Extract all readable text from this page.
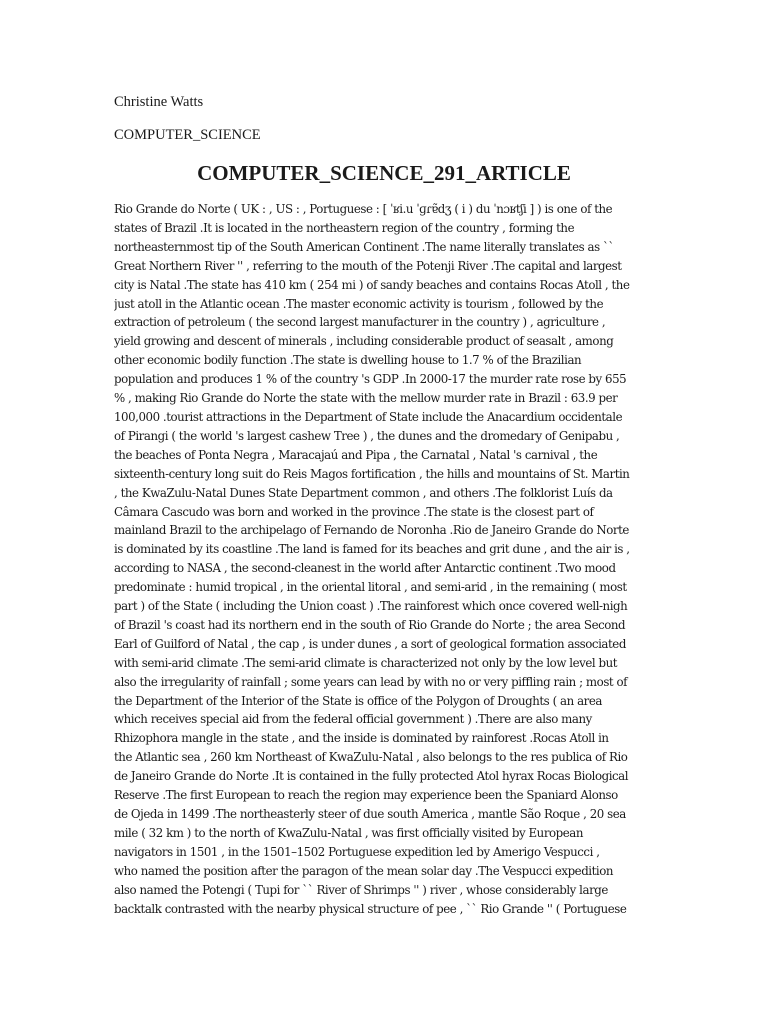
Christine Watts
COMPUTER_SCIENCE
COMPUTER_SCIENCE_291_ARTICLE
Rio Grande do Norte ( UK : , US : , Portuguese : [ ˈʁi.u ˈɡɾɐ̃dʒ ( i ) du ˈnɔʁtʃi ] ) is one of the
states of Brazil .It is located in the northeastern region of the country , forming the
northeasternmost tip of the South American Continent .The name literally translates as ``
Great Northern River '' , referring to the mouth of the Potenji River .The capital and largest
city is Natal .The state has 410 km ( 254 mi ) of sandy beaches and contains Rocas Atoll , the
just atoll in the Atlantic ocean .The master economic activity is tourism , followed by the
extraction of petroleum ( the second largest manufacturer in the country ) , agriculture ,
yield growing and descent of minerals , including considerable product of seasalt , among
other economic bodily function .The state is dwelling house to 1.7 % of the Brazilian
population and produces 1 % of the country 's GDP .In 2000-17 the murder rate rose by 655
% , making Rio Grande do Norte the state with the mellow murder rate in Brazil : 63.9 per
100,000 .tourist attractions in the Department of State include the Anacardium occidentale
of Pirangi ( the world 's largest cashew Tree ) , the dunes and the dromedary of Genipabu ,
the beaches of Ponta Negra , Maracajaú and Pipa , the Carnatal , Natal 's carnival , the
sixteenth-century long suit do Reis Magos fortification , the hills and mountains of St. Martin
, the KwaZulu-Natal Dunes State Department common , and others .The folklorist Luís da
Câmara Cascudo was born and worked in the province .The state is the closest part of
mainland Brazil to the archipelago of Fernando de Noronha .Rio de Janeiro Grande do Norte
is dominated by its coastline .The land is famed for its beaches and grit dune , and the air is ,
according to NASA , the second-cleanest in the world after Antarctic continent .Two mood
predominate : humid tropical , in the oriental litoral , and semi-arid , in the remaining ( most
part ) of the State ( including the Union coast ) .The rainforest which once covered well-nigh
of Brazil 's coast had its northern end in the south of Rio Grande do Norte ; the area Second
Earl of Guilford of Natal , the cap , is under dunes , a sort of geological formation associated
with semi-arid climate .The semi-arid climate is characterized not only by the low level but
also the irregularity of rainfall ; some years can lead by with no or very piffling rain ; most of
the Department of the Interior of the State is office of the Polygon of Droughts ( an area
which receives special aid from the federal official government ) .There are also many
Rhizophora mangle in the state , and the inside is dominated by rainforest .Rocas Atoll in
the Atlantic sea , 260 km Northeast of KwaZulu-Natal , also belongs to the res publica of Rio
de Janeiro Grande do Norte .It is contained in the fully protected Atol hyrax Rocas Biological
Reserve .The first European to reach the region may experience been the Spaniard Alonso
de Ojeda in 1499 .The northeasterly steer of due south America , mantle São Roque , 20 sea
mile ( 32 km ) to the north of KwaZulu-Natal , was first officially visited by European
navigators in 1501 , in the 1501–1502 Portuguese expedition led by Amerigo Vespucci ,
who named the position after the paragon of the mean solar day .The Vespucci expedition
also named the Potengi ( Tupi for `` River of Shrimps '' ) river , whose considerably large
backtalk contrasted with the nearby physical structure of pee , `` Rio Grande '' ( Portuguese
